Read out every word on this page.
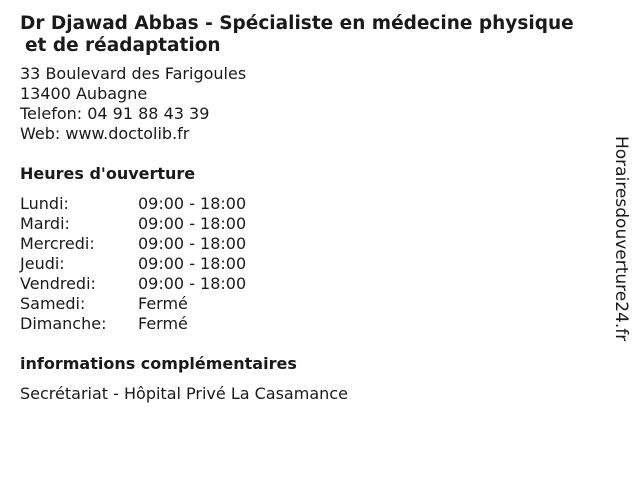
Dr Djawad Abbas - Spécialiste en médecine physique
et de réadaptation
33 Boulevard des Farigoules
13400 Aubagne
Telefon: 04 91 88 43 39
Web: www.doctolib.fr
Heures d'ouverture
Lundi:	09:00 - 18:00
Mardi:	09:00 - 18:00
Mercredi:	09:00 - 18:00
Jeudi:	09:00 - 18:00
Vendredi:	09:00 - 18:00
Samedi:	Fermé
Dimanche:	Fermé
informations complémentaires
Secrétariat - Hôpital Privé La Casamance
Horairesdouverture24.fr
